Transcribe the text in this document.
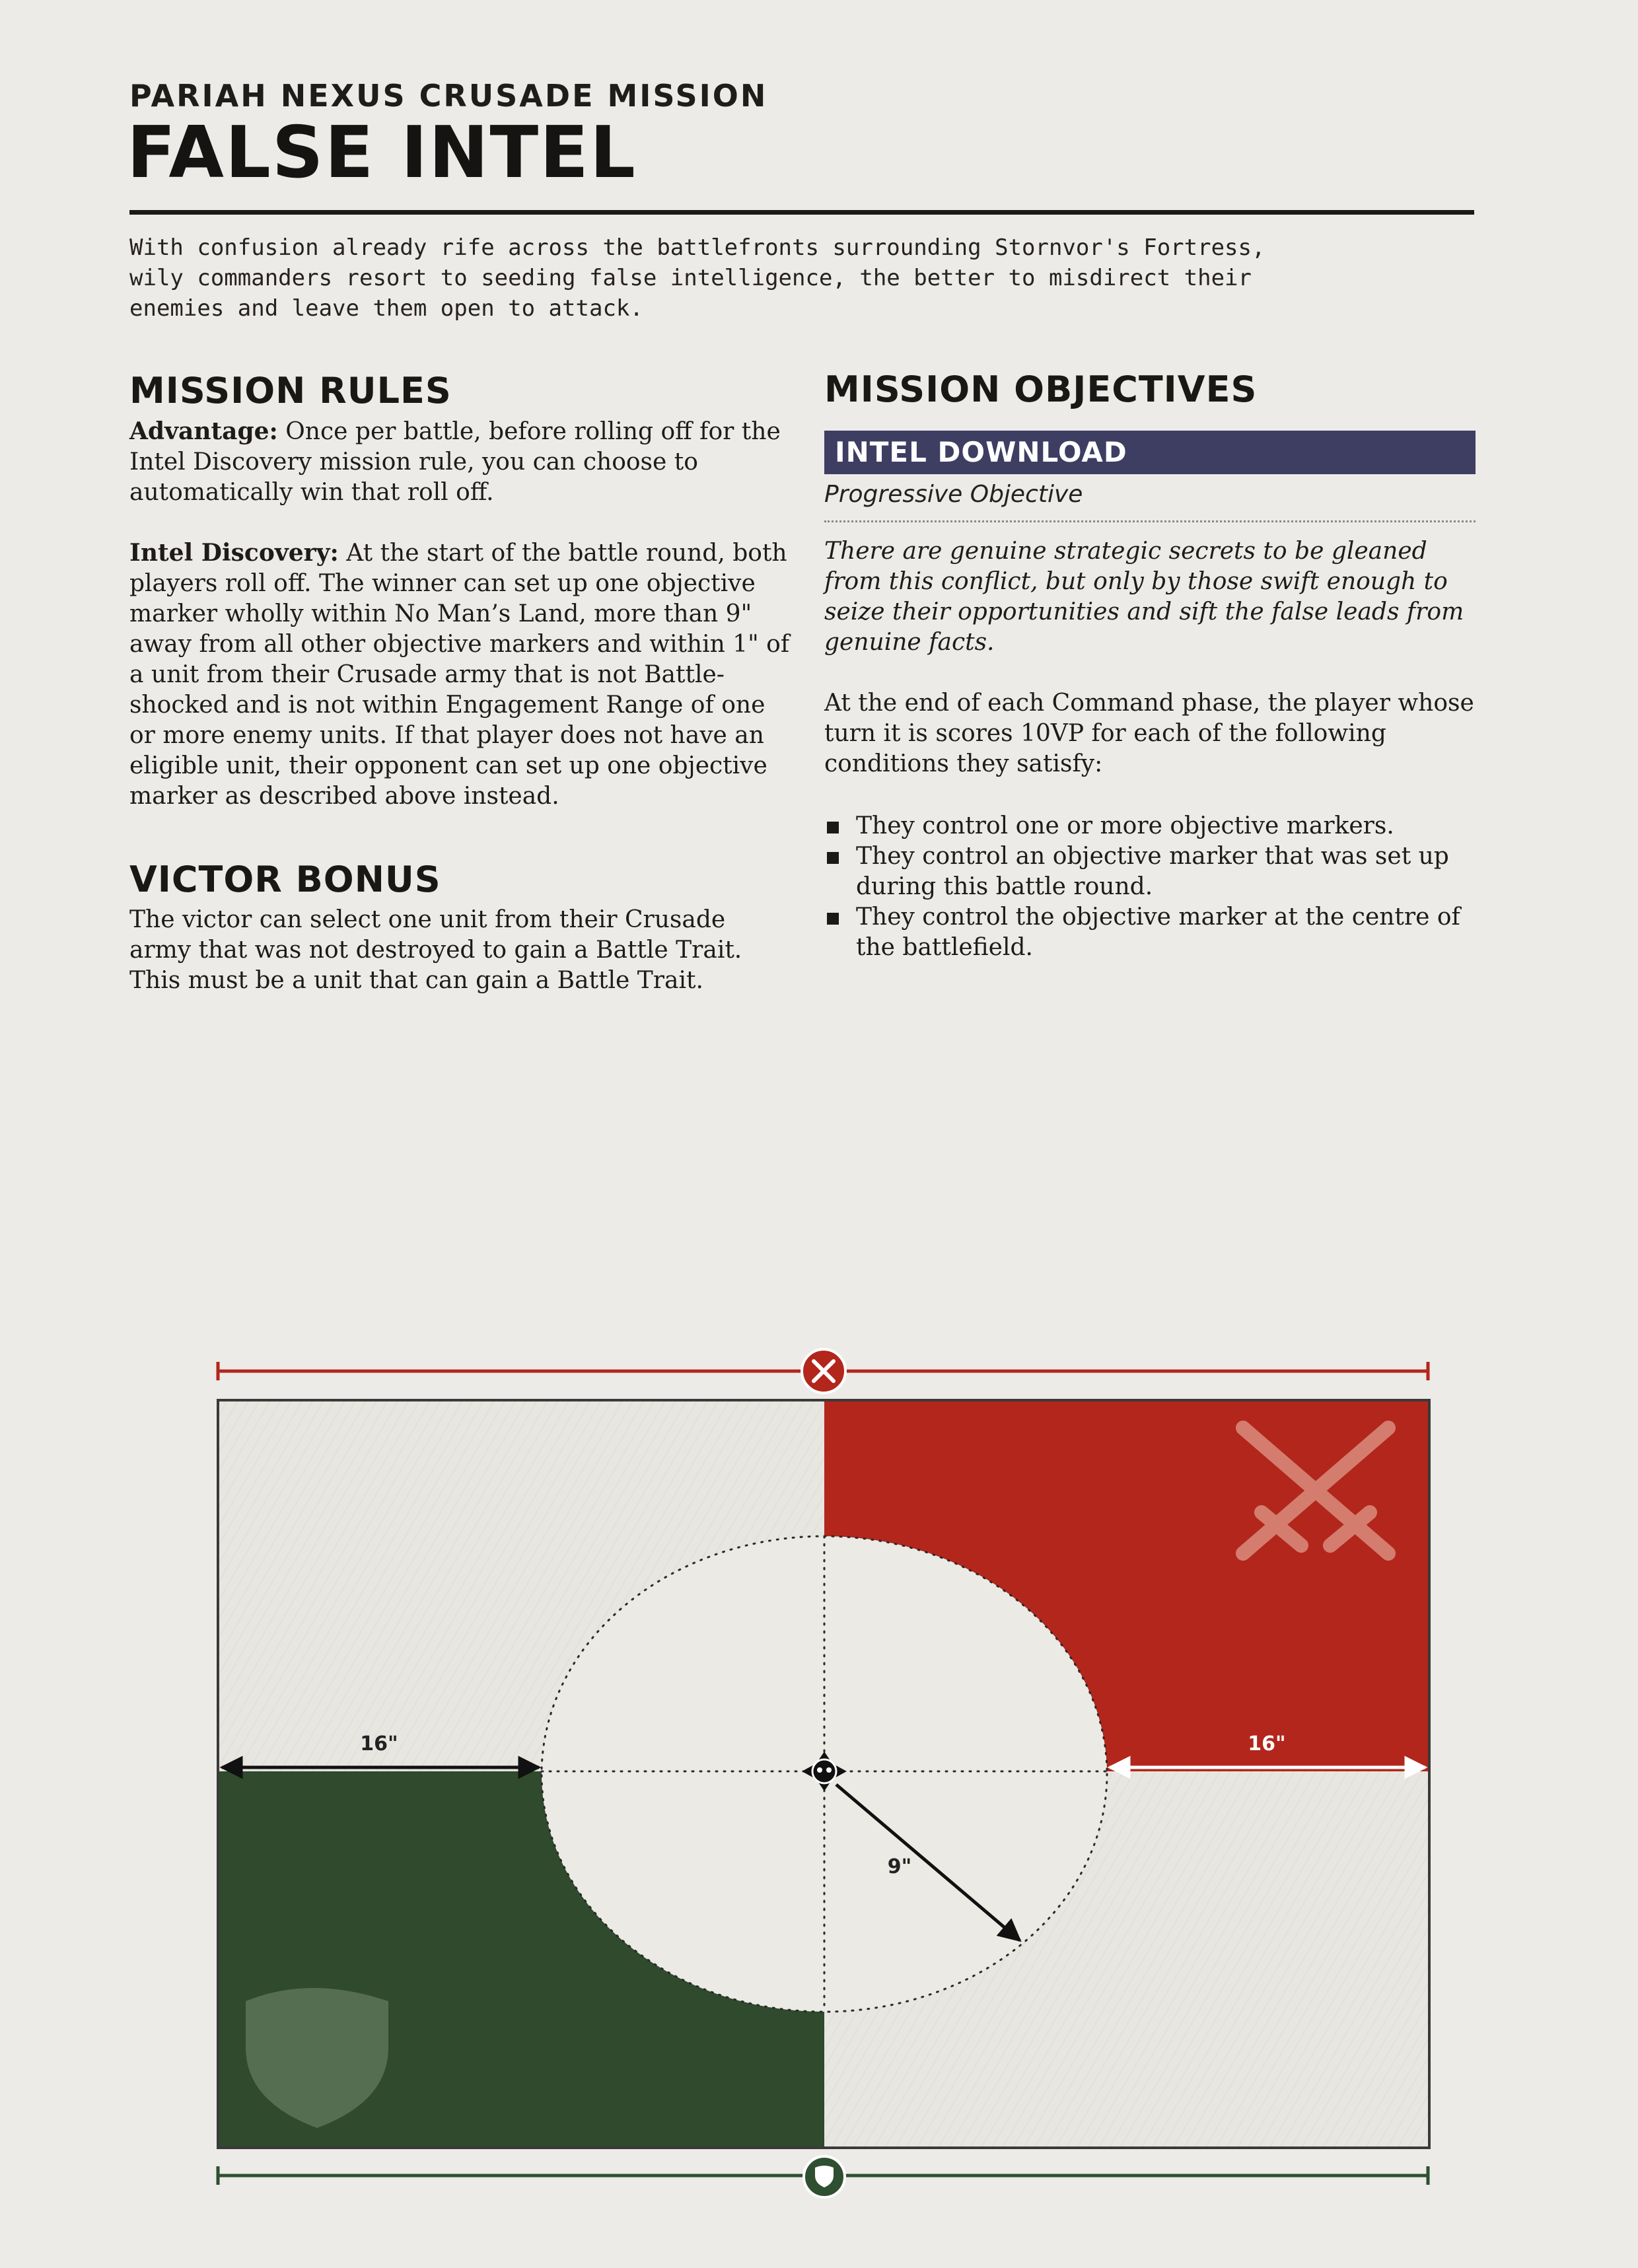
PARIAH NEXUS CRUSADE MISSION
FALSE INTEL
With confusion already rife across the battlefronts surrounding Stornvor's Fortress,
wily commanders resort to seeding false intelligence, the better to misdirect their
enemies and leave them open to attack.
MISSION RULES
Advantage: Once per battle, before rolling off for the Intel Discovery mission rule, you can choose to automatically win that roll off.
Intel Discovery: At the start of the battle round, both players roll off. The winner can set up one objective marker wholly within No Man’s Land, more than 9" away from all other objective markers and within 1" of a unit from their Crusade army that is not Battle-shocked and is not within Engagement Range of one or more enemy units. If that player does not have an eligible unit, their opponent can set up one objective marker as described above instead.
VICTOR BONUS
The victor can select one unit from their Crusade army that was not destroyed to gain a Battle Trait. This must be a unit that can gain a Battle Trait.
MISSION OBJECTIVES
INTEL DOWNLOAD
Progressive Objective
There are genuine strategic secrets to be gleaned from this conflict, but only by those swift enough to seize their opportunities and sift the false leads from genuine facts.
At the end of each Command phase, the player whose turn it is scores 10VP for each of the following conditions they satisfy:
They control one or more objective markers.
They control an objective marker that was set up during this battle round.
They control the objective marker at the centre of the battlefield.
16"	16"
9"
